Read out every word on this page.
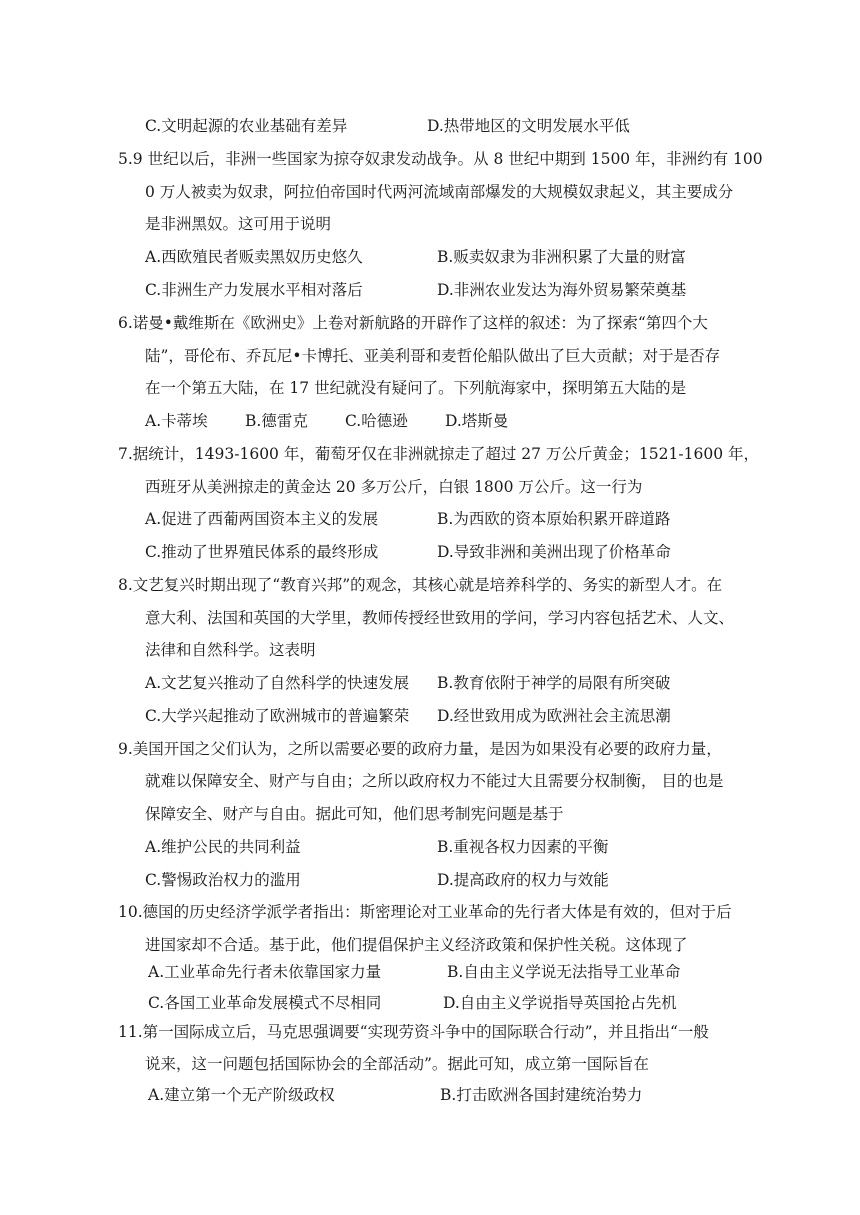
C.文明起源的农业基础有差异	D.热带地区的文明发展水平低
5.9 世纪以后，非洲一些国家为掠夺奴隶发动战争。从 8 世纪中期到 1500 年，非洲约有 100
0 万人被卖为奴隶，阿拉伯帝国时代两河流域南部爆发的大规模奴隶起义，其主要成分
是非洲黑奴。这可用于说明
A.西欧殖民者贩卖黑奴历史悠久	B.贩卖奴隶为非洲积累了大量的财富
C.非洲生产力发展水平相对落后	D.非洲农业发达为海外贸易繁荣奠基
6.诺曼•戴维斯在《欧洲史》上卷对新航路的开辟作了这样的叙述：为了探索“第四个大
陆”，哥伦布、乔瓦尼•卡博托、亚美利哥和麦哲伦船队做出了巨大贡献；对于是否存
在一个第五大陆，在 17 世纪就没有疑问了。下列航海家中，探明第五大陆的是
A.卡蒂埃 B.德雷克 C.哈德逊 D.塔斯曼
7.据统计，1493-1600 年，葡萄牙仅在非洲就掠走了超过 27 万公斤黄金；1521-1600 年，
西班牙从美洲掠走的黄金达 20 多万公斤，白银 1800 万公斤。这一行为
A.促进了西葡两国资本主义的发展	B.为西欧的资本原始积累开辟道路
C.推动了世界殖民体系的最终形成	D.导致非洲和美洲出现了价格革命
8.文艺复兴时期出现了“教育兴邦”的观念，其核心就是培养科学的、务实的新型人才。在
意大利、法国和英国的大学里，教师传授经世致用的学问，学习内容包括艺术、人文、
法律和自然科学。这表明
A.文艺复兴推动了自然科学的快速发展 B.教育依附于神学的局限有所突破
C.大学兴起推动了欧洲城市的普遍繁荣 D.经世致用成为欧洲社会主流思潮
9.美国开国之父们认为，之所以需要必要的政府力量，是因为如果没有必要的政府力量，
就难以保障安全、财产与自由；之所以政府权力不能过大且需要分权制衡， 目的也是
保障安全、财产与自由。据此可知，他们思考制宪问题是基于
A.维护公民的共同利益	B.重视各权力因素的平衡
C.警惕政治权力的滥用	D.提高政府的权力与效能
10.德国的历史经济学派学者指出：斯密理论对工业革命的先行者大体是有效的，但对于后
进国家却不合适。基于此，他们提倡保护主义经济政策和保护性关税。这体现了
A.工业革命先行者未依靠国家力量	B.自由主义学说无法指导工业革命
C.各国工业革命发展模式不尽相同	D.自由主义学说指导英国抢占先机
11.第一国际成立后，马克思强调要“实现劳资斗争中的国际联合行动”，并且指出“一般
说来，这一问题包括国际协会的全部活动”。据此可知，成立第一国际旨在
A.建立第一个无产阶级政权	B.打击欧洲各国封建统治势力
